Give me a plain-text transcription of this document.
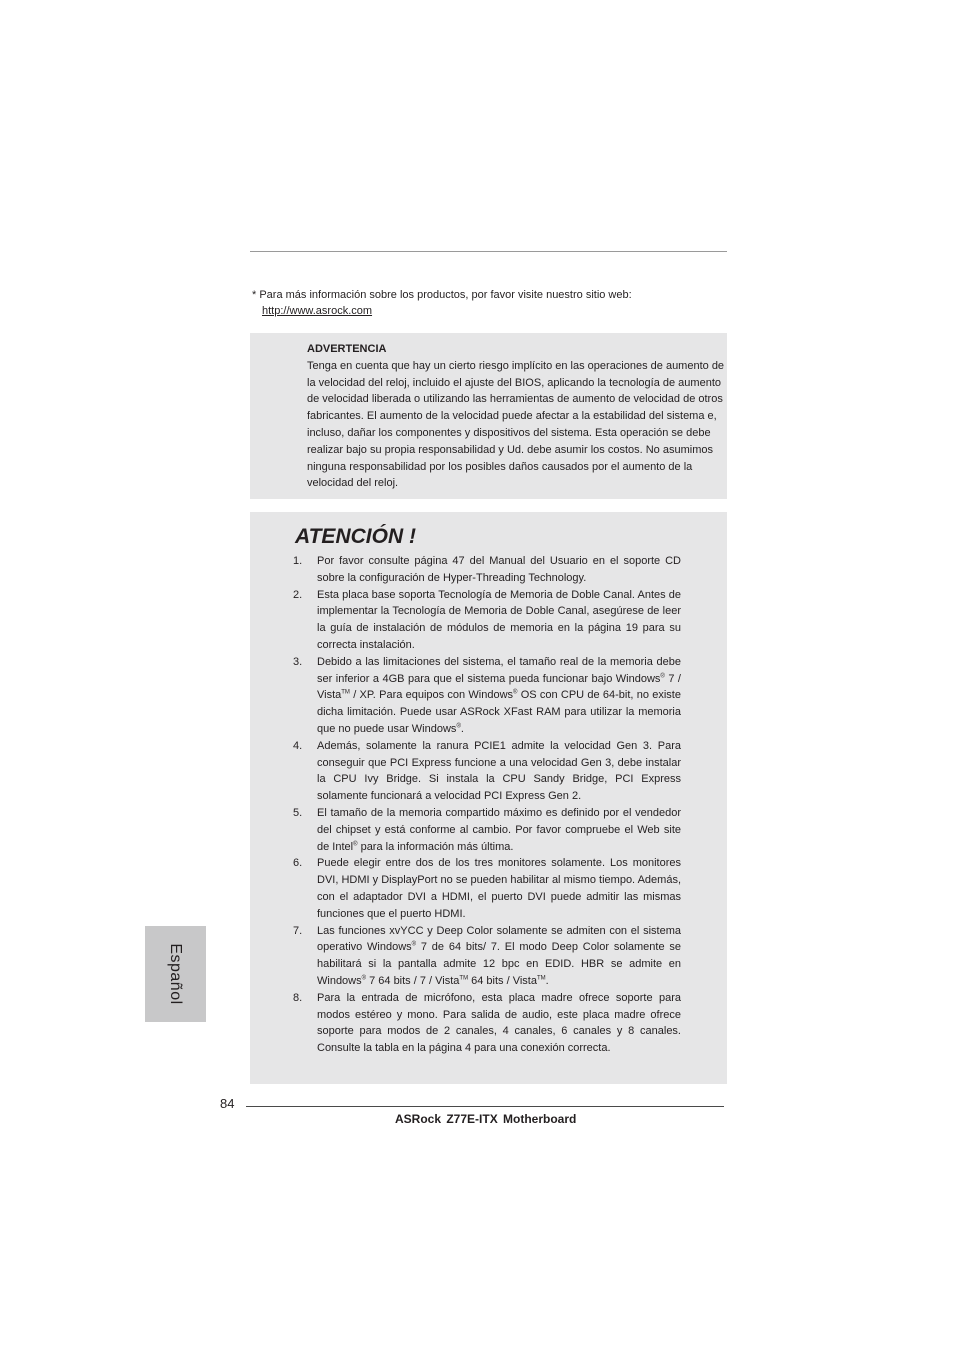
* Para más información sobre los productos, por favor visite nuestro sitio web:
http://www.asrock.com
ADVERTENCIA
Tenga en cuenta que hay un cierto riesgo implícito en las operaciones de aumento de la velocidad del reloj, incluido el ajuste del BIOS, aplicando la tecnología de aumento de velocidad liberada o utilizando las herramientas de aumento de velocidad de otros fabricantes. El aumento de la velocidad puede afectar a la estabilidad del sistema e, incluso, dañar los componentes y dispositivos del sistema. Esta operación se debe realizar bajo su propia responsabilidad y Ud. debe asumir los costos. No asumimos ninguna responsabilidad por los posibles daños causados por el aumento de la velocidad del reloj.
ATENCIÓN !
1. Por favor consulte página 47 del Manual del Usuario en el soporte CD sobre la configuración de Hyper-Threading Technology.
2. Esta placa base soporta Tecnología de Memoria de Doble Canal. Antes de implementar la Tecnología de Memoria de Doble Canal, asegúrese de leer la guía de instalación de módulos de memoria en la página 19 para su correcta instalación.
3. Debido a las limitaciones del sistema, el tamaño real de la memoria debe ser inferior a 4GB para que el sistema pueda funcionar bajo Windows® 7 / Vista™ / XP. Para equipos con Windows® OS con CPU de 64-bit, no existe dicha limitación. Puede usar ASRock XFast RAM para utilizar la memoria que no puede usar Windows®.
4. Además, solamente la ranura PCIE1 admite la velocidad Gen 3. Para conseguir que PCI Express funcione a una velocidad Gen 3, debe instalar la CPU Ivy Bridge. Si instala la CPU Sandy Bridge, PCI Express solamente funcionará a velocidad PCI Express Gen 2.
5. El tamaño de la memoria compartido máximo es definido por el vendedor del chipset y está conforme al cambio. Por favor compruebe el Web site de Intel® para la información más última.
6. Puede elegir entre dos de los tres monitores solamente. Los monitores DVI, HDMI y DisplayPort no se pueden habilitar al mismo tiempo. Además, con el adaptador DVI a HDMI, el puerto DVI puede admitir las mismas funciones que el puerto HDMI.
7. Las funciones xvYCC y Deep Color solamente se admiten con el sistema operativo Windows® 7 de 64 bits/ 7. El modo Deep Color solamente se habilitará si la pantalla admite 12 bpc en EDID. HBR se admite en Windows® 7 64 bits / 7 / Vista™ 64 bits / Vista™.
8. Para la entrada de micrófono, esta placa madre ofrece soporte para modos estéreo y mono. Para salida de audio, este placa madre ofrece soporte para modos de 2 canales, 4 canales, 6 canales y 8 canales. Consulte la tabla en la página 4 para una conexión correcta.
Español
84
ASRock Z77E-ITX Motherboard
